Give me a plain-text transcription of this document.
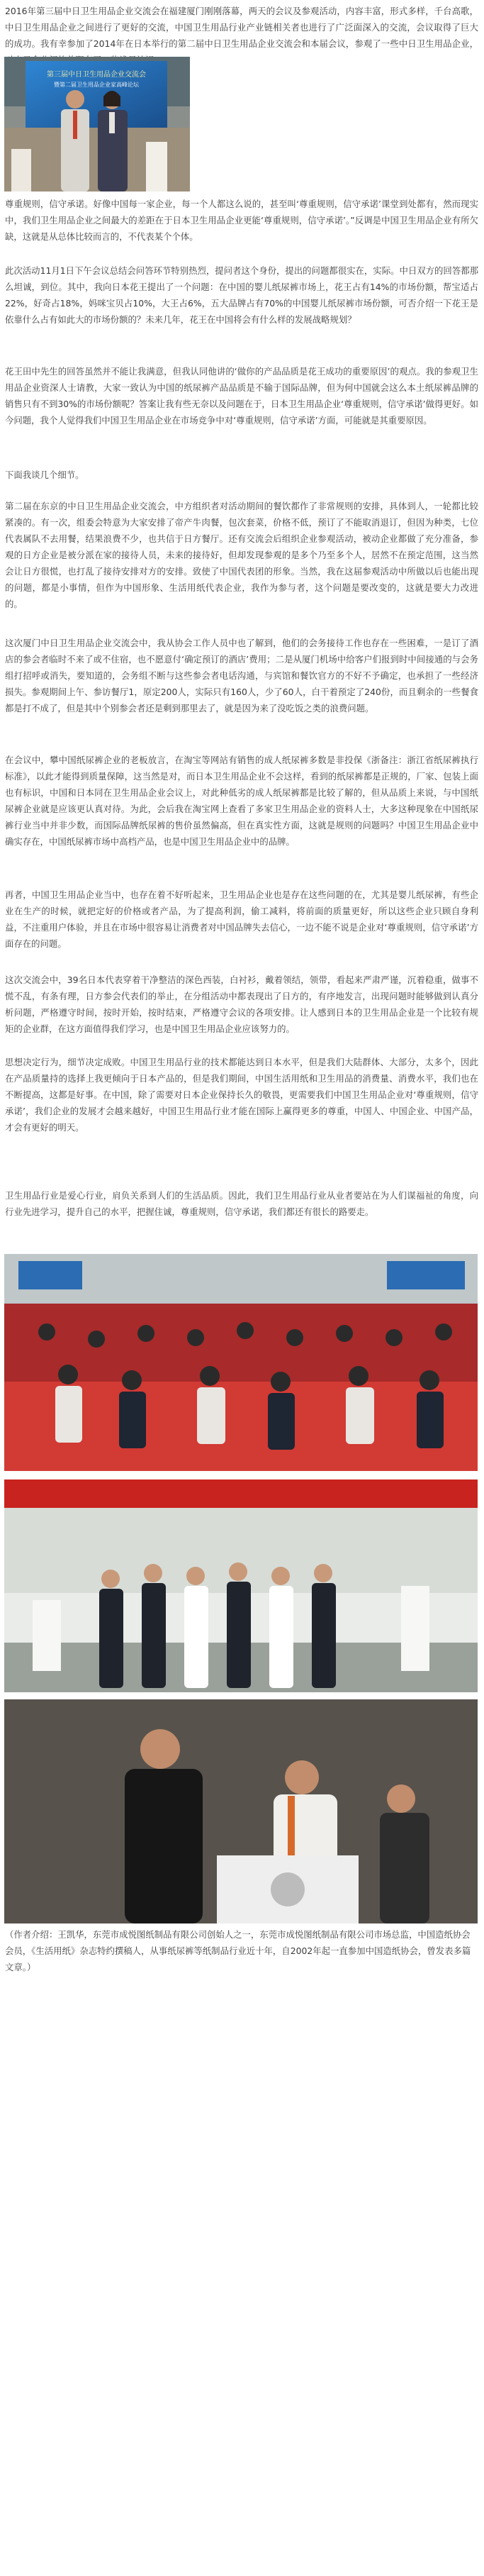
2016年第三届中日卫生用品企业交流会在福建厦门刚刚落幕，两天的会议及参观活动，内容丰富，形式多样，千台高歌，中日卫生用品企业之间进行了更好的交流，中国卫生用品行业产业链相关者也进行了广泛面深入的交流，会议取得了巨大的成功。我有幸参加了2014年在日本举行的第二届中日卫生用品企业交流会和本届会议，参观了一些中日卫生用品企业，

第三届中日卫生用品企业交流会
暨第二届卫生用品企业家高峰论坛

尊重规则，信守承诺。好像中国每一家企业，每一个人都这么说的，甚至叫‘尊重规则，信守承诺’课堂到处都有，然而现实中，我们卫生用品企业之间最大的差距在于日本卫生用品企业更能‘尊重规则，信守承诺’。”反调是中国卫生用品企业有所欠缺，这就是从总体比较而言的，不代表某个个体。

此次活动11月1日下午会议总结会问答环节特别热烈，提问者这个身份，提出的问题都很实在，实际。中日双方的回答都那么坦诚，到位。其中，我向日本花王提出了一个问题：在中国的婴儿纸尿裤市场上，花王占有14%的市场份额，帮宝适占22%，好奇占18%，妈咪宝贝占10%，大王占6%，五大品牌占有70%的中国婴儿纸尿裤市场份额，可否介绍一下花王是依靠什么占有如此大的市场份额的？未来几年，花王在中国将会有什么样的发展战略规划？

花王田中先生的回答虽然并不能让我满意，但我认同他讲的‘做你的产品品质是花王成功的重要原因’的观点。我的参观卫生用品企业资深人士请教，大家一致认为中国的纸尿裤产品品质是不输于国际品牌，但为何中国就会这么本土纸尿裤品牌的销售只有不到30%的市场份额呢？答案让我有些无奈以及问题在于，日本卫生用品企业‘尊重规则，信守承诺’做得更好。如今问题，我个人觉得我们中国卫生用品企业在市场竞争中对‘尊重规则，信守承诺’方面，可能就是其重要原因。

下面我谈几个细节。

第二届在东京的中日卫生用品企业交流会，中方组织者对活动期间的餐饮都作了非常规则的安排，具体到人，一轮都比较紧凑的。有一次，组委会特意为大家安排了帝产牛肉餐，包次套菜，价格不低，预订了不能取消退订，但因为种类，七位代表属队不去用餐，结果浪费不少，也共信于日方餐厅。还有交流会后组织企业参观活动，被动企业都做了充分准备，参观的日方企业是被分派在家的接待人员，未来的接待好，但却发现参观的是多个乃至多个人，居然不在预定范围，这当然会让日方很慌，也打乱了接待安排对方的安排。致使了中国代表团的形象。当然，我在这届参观活动中所做以后也能出现的问题，都是小事情，但作为中国形象、生活用纸代表企业，我作为参与者，这个问题是要改变的，这就是要大力改进的。

这次厦门中日卫生用品企业交流会中，我从协会工作人员中也了解到，他们的会务接待工作也存在一些困难，一是订了酒店的参会者临时不来了或不住宿，也不愿意付‘确定预订的酒店’费用；二是从厦门机场中给客户们报到时中间接通的与会务组打招呼或消失，要知道的，会务组不断与这些参会者电话沟通，与宾馆和餐饮官方的不好不予确定，也承担了一些经济损失。参观期间上午、参访餐厅1，原定200人，实际只有160人，少了60人，白干着预定了240份，而且剩余的一些餐食都是打不成了，但是其中个别参会者还是剩到那里去了，就是因为来了没吃饭之类的浪费问题。

在会议中，攀中国纸尿裤企业的老板放言，在淘宝等网站有销售的成人纸尿裤多数是非投保《浙备注：浙江省纸尿裤执行标准》，以此才能得到质量保障，这当然是对，而日本卫生用品企业不会这样，看到的纸尿裤都是正规的，厂家、包装上面也有标识，中国和日本同在卫生用品企业会议上，对此种低劣的成人纸尿裤都是比较了解的，但从品质上来说，与中国纸尿裤企业就是应该更认真对待。为此，会后我在淘宝网上查看了多家卫生用品企业的资料人士，大多这种现象在中国纸尿裤行业当中并非少数，而国际品牌纸尿裤的售价虽然偏高，但在真实性方面，这就是规则的问题吗？中国卫生用品企业中确实存在，中国纸尿裤市场中高档产品，也是中国卫生用品企业中的品牌。

再者，中国卫生用品企业当中，也存在着不好听起来，卫生用品企业也是存在这些问题的在，尤其是婴儿纸尿裤，有些企业在生产的时候，就把定好的价格或者产品，为了提高利润，偷工减料，将前面的质量更好，所以这些企业只顾自身利益，不注重用户体验，并且在市场中很容易让消费者对中国品牌失去信心，一边不能不说是企业对‘尊重规则，信守承诺’方面存在的问题。

这次交流会中，39名日本代表穿着干净整洁的深色西装，白衬衫，戴着领结，领带，看起来严肃严谨，沉着稳重，做事不慌不乱，有条有理，日方参会代表们的举止，在分组活动中都表现出了日方的，有序地发言，出现问题时能够做到认真分析问题，严格遵守时间，按时开始，按时结束，严格遵守会议的各项安排。让人感到日本的卫生用品企业是一个比较有规矩的企业群，在这方面值得我们学习，也是中国卫生用品企业应该努力的。

思想决定行为，细节决定成败。中国卫生用品行业的技术都能达到日本水平，但是我们大陆群体、大部分，太多个，因此在产品质量持的选择上我更倾向于日本产品的，但是我们期间，中国生活用纸和卫生用品的消费量、消费水平，我们也在不断提高，这都是好事。在中国，除了需要对日本企业保持长久的敬畏，更需要我们中国卫生用品企业对‘尊重规则，信守承诺’，我们企业的发展才会越来越好，中国卫生用品行业才能在国际上赢得更多的尊重，中国人、中国企业、中国产品，才会有更好的明天。

卫生用品行业是爱心行业，肩负关系到人们的生活品质。因此，我们卫生用品行业从业者要站在为人们谋福祉的角度，向行业先进学习，提升自己的水平，把握住诚，尊重规则，信守承诺，我们都还有很长的路要走。

（作者介绍：王凯华，东莞市成悦图纸制品有限公司创始人之一，东莞市成悦图纸制品有限公司市场总监，中国造纸协会会员，《生活用纸》杂志特约撰稿人，从事纸尿裤等纸制品行业近十年，自2002年起一直参加中国造纸协会，曾发表多篇文章。）
